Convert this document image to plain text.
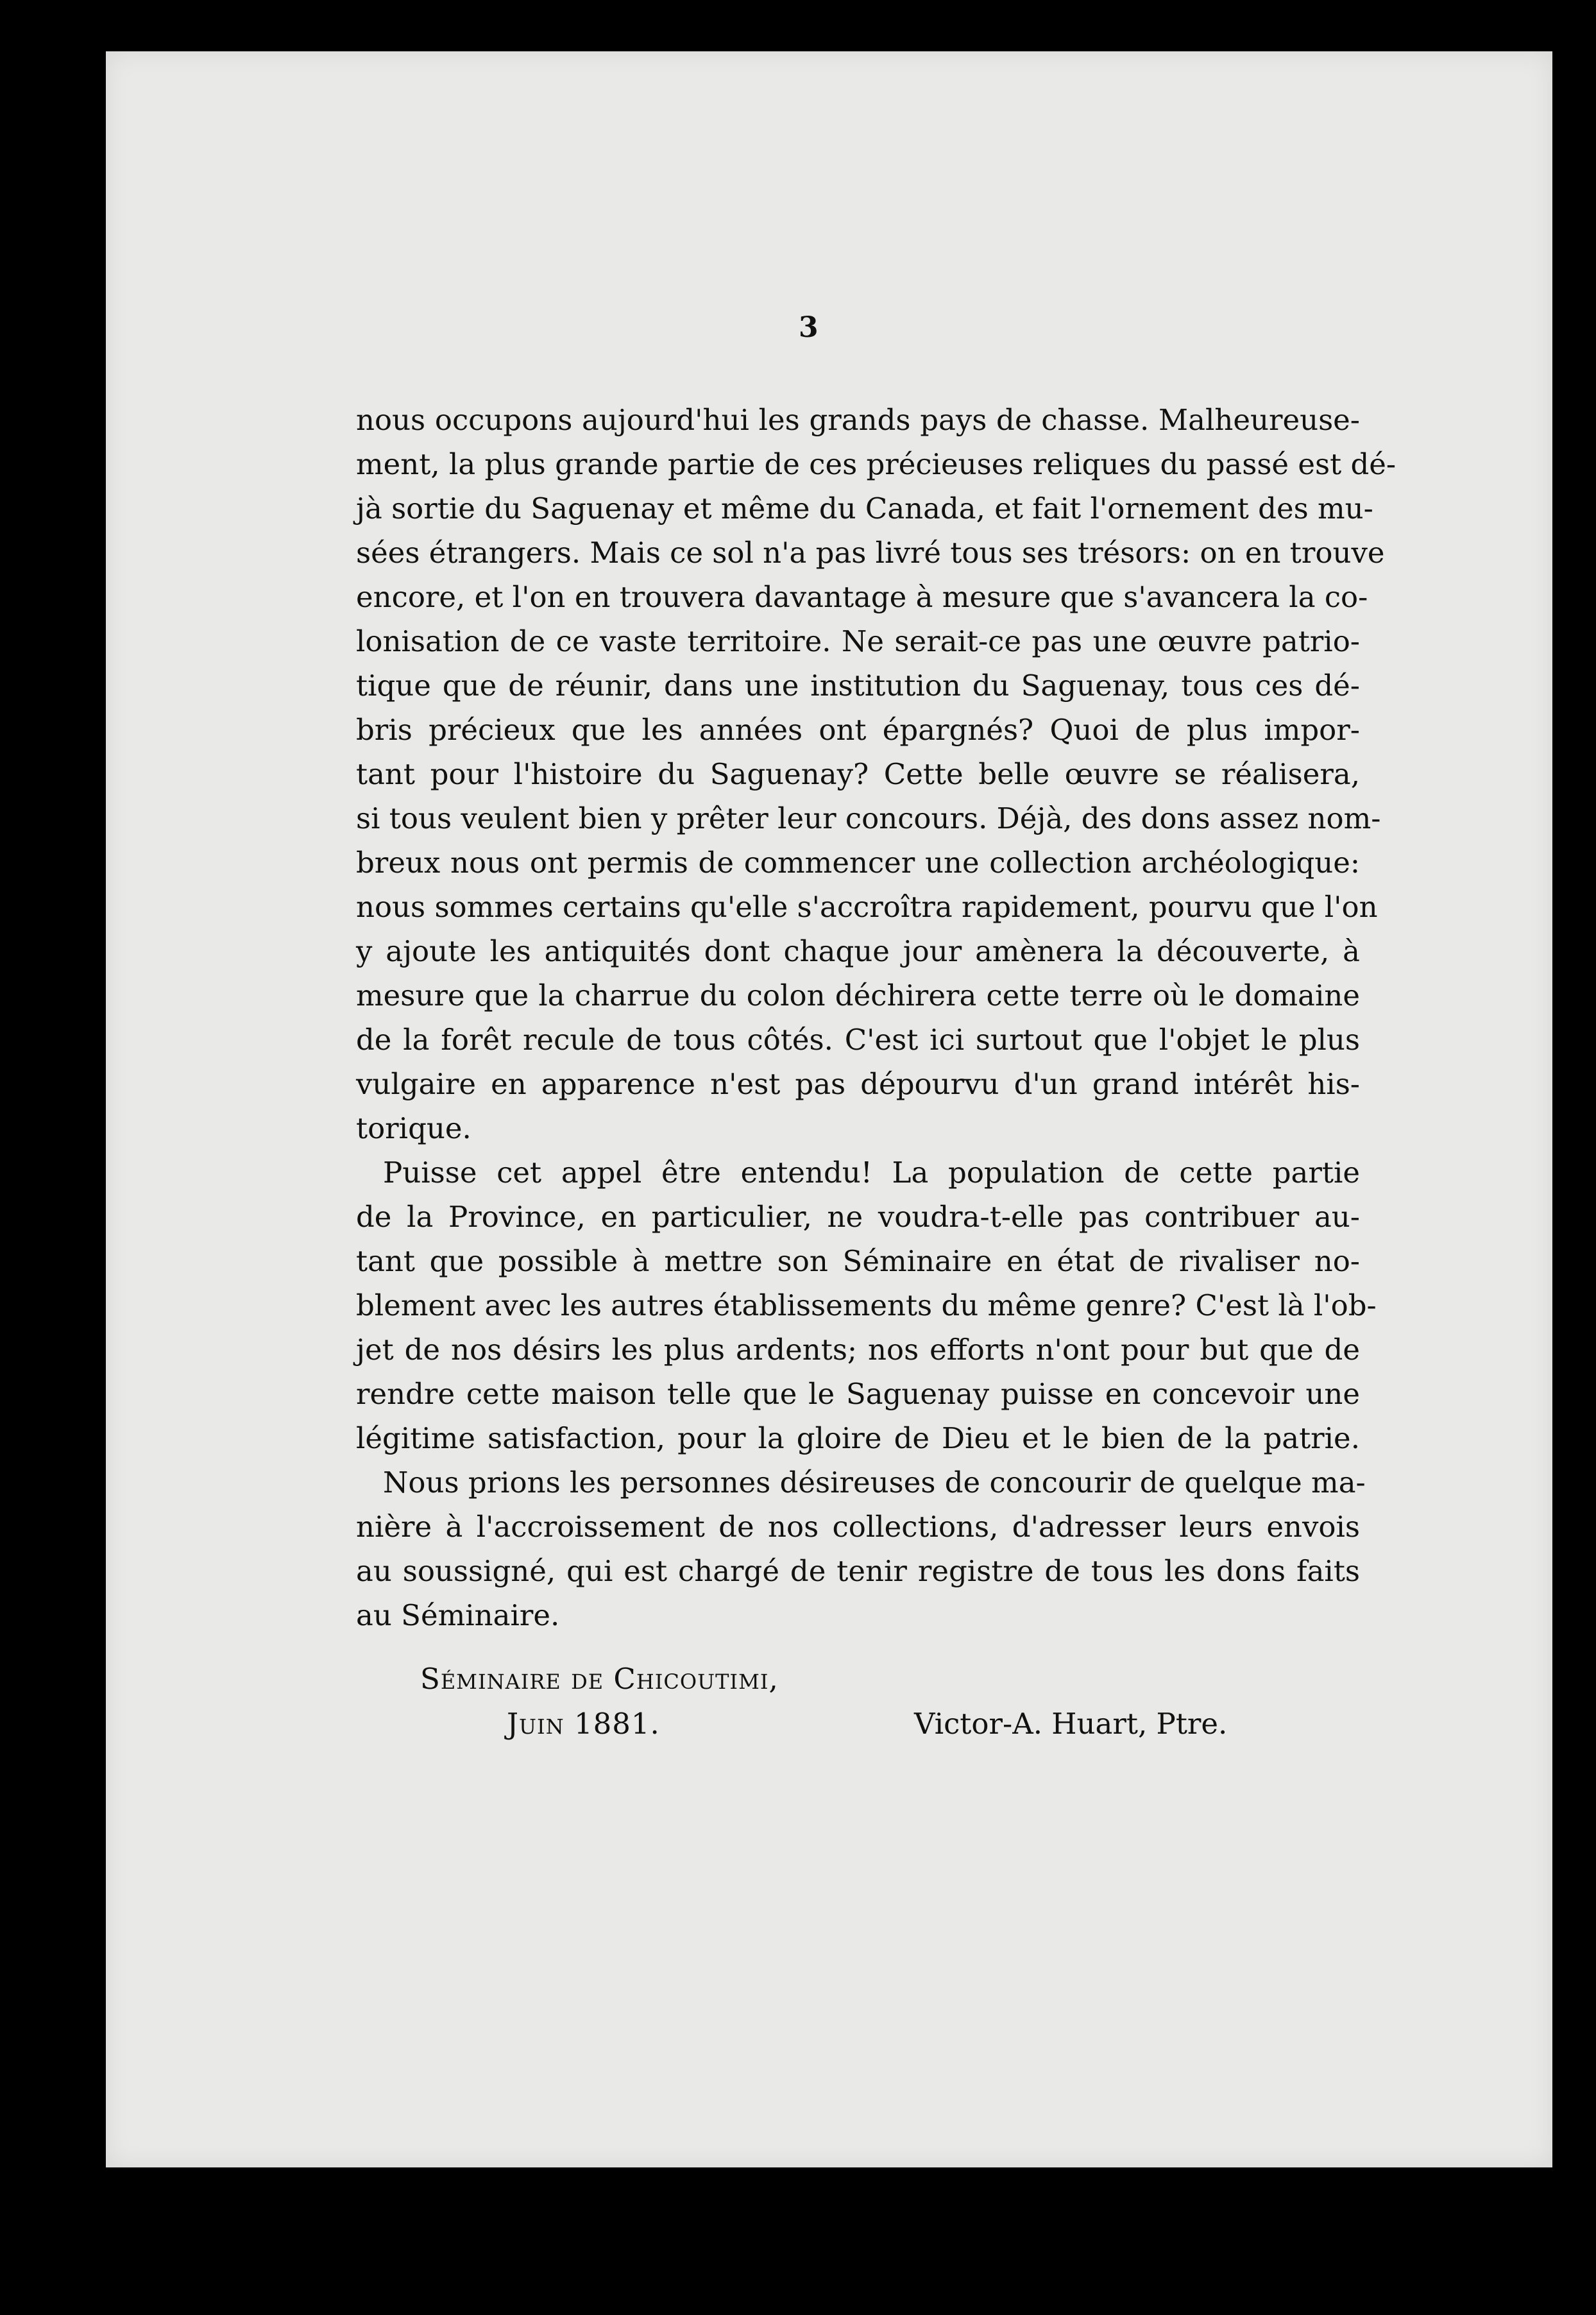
3
nous occupons aujourd'hui les grands pays de chasse. Malheureuse-
ment, la plus grande partie de ces précieuses reliques du passé est dé-
jà sortie du Saguenay et même du Canada, et fait l'ornement des mu-
sées étrangers. Mais ce sol n'a pas livré tous ses trésors: on en trouve
encore, et l'on en trouvera davantage à mesure que s'avancera la co-
lonisation de ce vaste territoire. Ne serait-ce pas une œuvre patrio-
tique que de réunir, dans une institution du Saguenay, tous ces dé-
bris précieux que les années ont épargnés? Quoi de plus impor-
tant pour l'histoire du Saguenay? Cette belle œuvre se réalisera,
si tous veulent bien y prêter leur concours. Déjà, des dons assez nom-
breux nous ont permis de commencer une collection archéologique:
nous sommes certains qu'elle s'accroîtra rapidement, pourvu que l'on
y ajoute les antiquités dont chaque jour amènera la découverte, à
mesure que la charrue du colon déchirera cette terre où le domaine
de la forêt recule de tous côtés. C'est ici surtout que l'objet le plus
vulgaire en apparence n'est pas dépourvu d'un grand intérêt his-
torique.
Puisse cet appel être entendu! La population de cette partie
de la Province, en particulier, ne voudra-t-elle pas contribuer au-
tant que possible à mettre son Séminaire en état de rivaliser no-
blement avec les autres établissements du même genre? C'est là l'ob-
jet de nos désirs les plus ardents; nos efforts n'ont pour but que de
rendre cette maison telle que le Saguenay puisse en concevoir une
légitime satisfaction, pour la gloire de Dieu et le bien de la patrie.
Nous prions les personnes désireuses de concourir de quelque ma-
nière à l'accroissement de nos collections, d'adresser leurs envois
au soussigné, qui est chargé de tenir registre de tous les dons faits
au Séminaire.
Séminaire de Chicoutimi,
Juin 1881.	Victor-A. Huart, Ptre.
